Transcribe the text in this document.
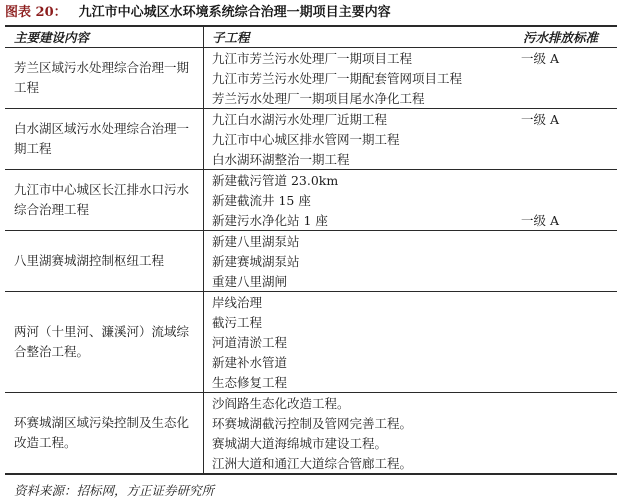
图表 20： 九江市中心城区水环境系统综合治理一期项目主要内容
主要建设内容	子工程	污水排放标准
芳兰区域污水处理综合治理一期工程
九江市芳兰污水处理厂一期项目工程	一级 A
九江市芳兰污水处理厂一期配套管网项目工程
芳兰污水处理厂一期项目尾水净化工程
白水湖区域污水处理综合治理一期工程
九江白水湖污水处理厂近期工程	一级 A
九江市中心城区排水管网一期工程
白水湖环湖整治一期工程
九江市中心城区长江排水口污水综合治理工程
新建截污管道 23.0km
新建截流井 15 座
新建污水净化站 1 座	一级 A
八里湖赛城湖控制枢纽工程
新建八里湖泵站
新建赛城湖泵站
重建八里湖闸
两河（十里河、濂溪河）流域综合整治工程。
岸线治理
截污工程
河道清淤工程
新建补水管道
生态修复工程
环赛城湖区域污染控制及生态化改造工程。
沙阎路生态化改造工程。
环赛城湖截污控制及管网完善工程。
赛城湖大道海绵城市建设工程。
江洲大道和通江大道综合管廊工程。
资料来源：招标网，方正证券研究所
